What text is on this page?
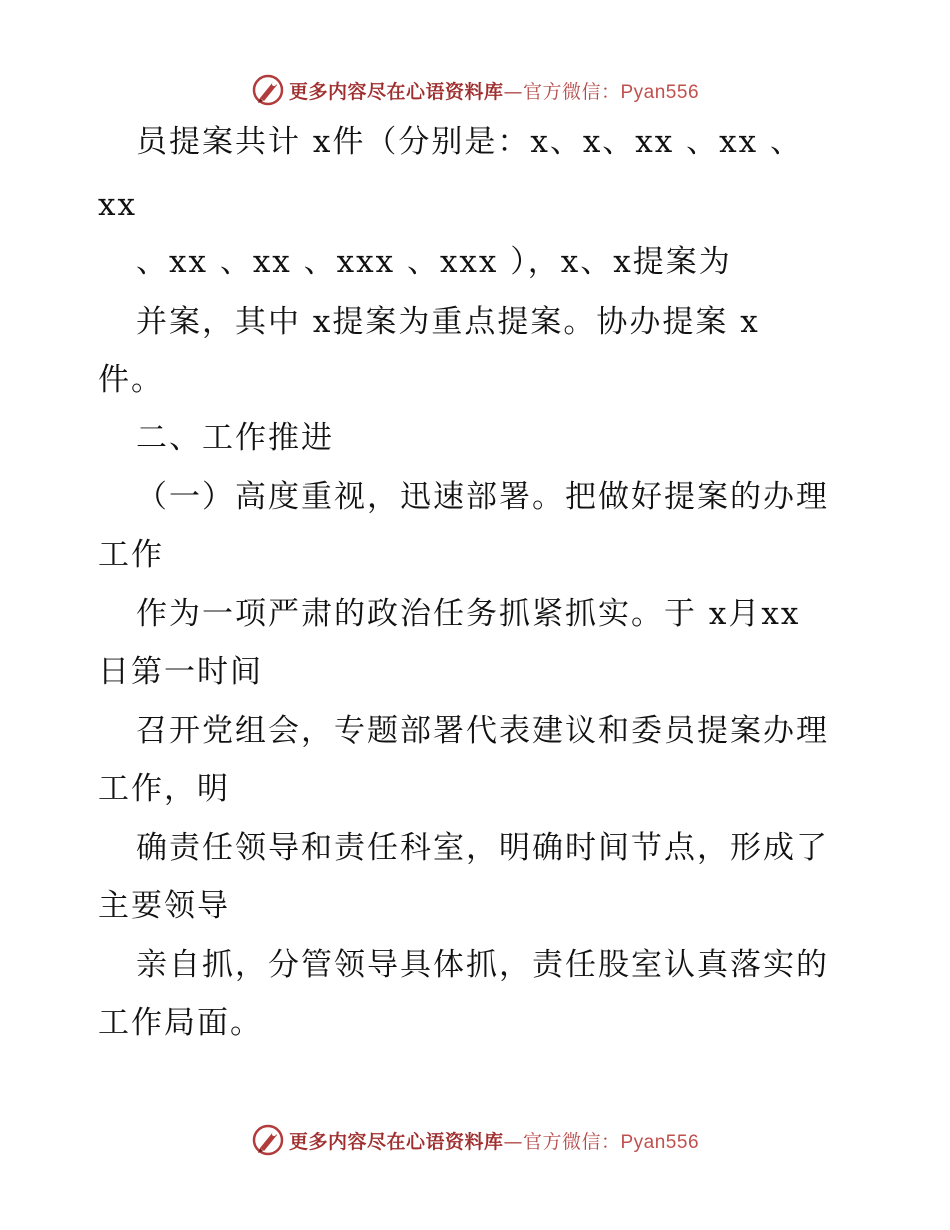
更多内容尽在心语资料库—官方微信：Pyan556
员提案共计 x件（分别是：x、x、xx 、xx 、
xx
、xx 、xx 、xxx 、xxx ），x、x提案为
并案，其中 x提案为重点提案。协办提案 x
件。
二、工作推进
（一）高度重视，迅速部署。把做好提案的办理
工作
作为一项严肃的政治任务抓紧抓实。于 x月xx
日第一时间
召开党组会，专题部署代表建议和委员提案办理
工作，明
确责任领导和责任科室，明确时间节点，形成了
主要领导
亲自抓，分管领导具体抓，责任股室认真落实的
工作局面。
更多内容尽在心语资料库—官方微信：Pyan556
